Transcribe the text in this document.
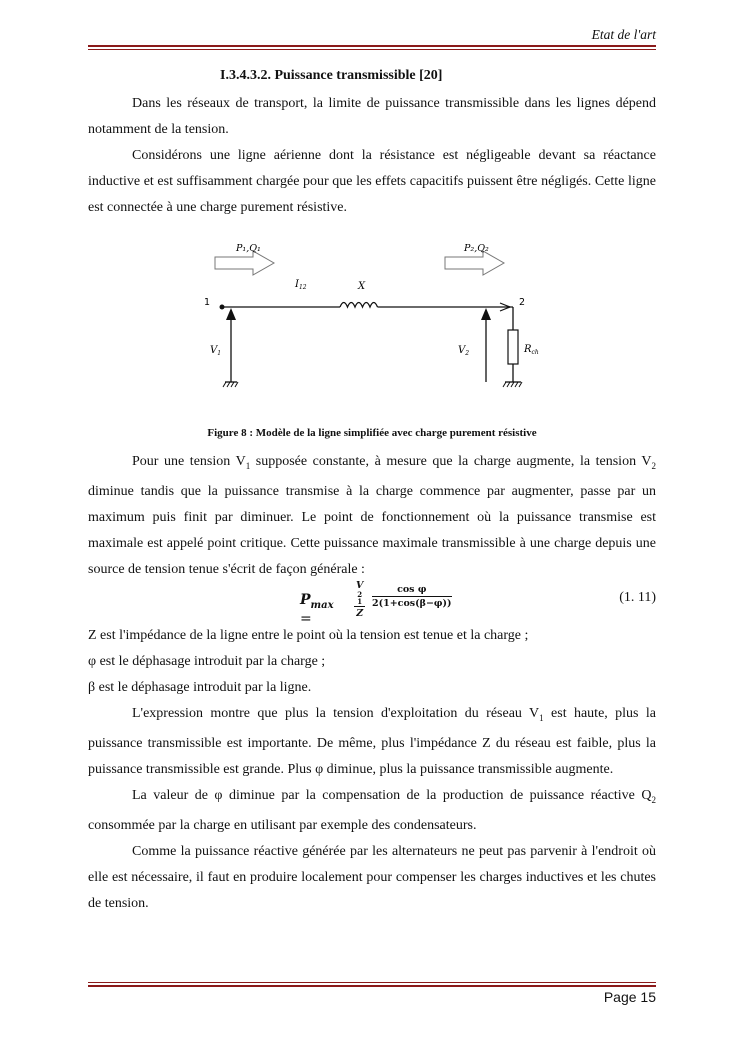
Etat de l'art
I.3.4.3.2. Puissance transmissible [20]

Dans les réseaux de transport, la limite de puissance transmissible dans les lignes dépend notamment de la tension.

Considérons une ligne aérienne dont la résistance est négligeable devant sa réactance inductive et est suffisamment chargée pour que les effets capacitifs puissent être négligés. Cette ligne est connectée à une charge purement résistive.

P₁,Q₁	P₂,Q₂
$I_{12}$	X
1	2
$V_1$	$V_2$	$R_{ch}$
Figure 8 : Modèle de la ligne simplifiée avec charge purement résistive

Pour une tension $V_1$ supposée constante, à mesure que la charge augmente, la tension $V_2$ diminue tandis que la puissance transmise à la charge commence par augmenter, passe par un maximum puis finit par diminuer. Le point de fonctionnement où la puissance transmise est maximale est appelé point critique. Cette puissance maximale transmissible à une charge depuis une source de tension tenue s'écrit de façon générale :

$P_{max}$ =	V
2
1
Z $\frac{\text{cos φ}}{2(1+\cos(\beta-\varphi))}$	(1. 11)

Z est l'impédance de la ligne entre le point où la tension est tenue et la charge ;

φ est le déphasage introduit par la charge ;

β est le déphasage introduit par la ligne.

L'expression montre que plus la tension d'exploitation du réseau $V_1$ est haute, plus la puissance transmissible est importante. De même, plus l'impédance Z du réseau est faible, plus la puissance transmissible est grande. Plus φ diminue, plus la puissance transmissible augmente.

La valeur de φ diminue par la compensation de la production de puissance réactive $Q_2$ consommée par la charge en utilisant par exemple des condensateurs.

Comme la puissance réactive générée par les alternateurs ne peut pas parvenir à l'endroit où elle est nécessaire, il faut en produire localement pour compenser les charges inductives et les chutes de tension.

Page 15
